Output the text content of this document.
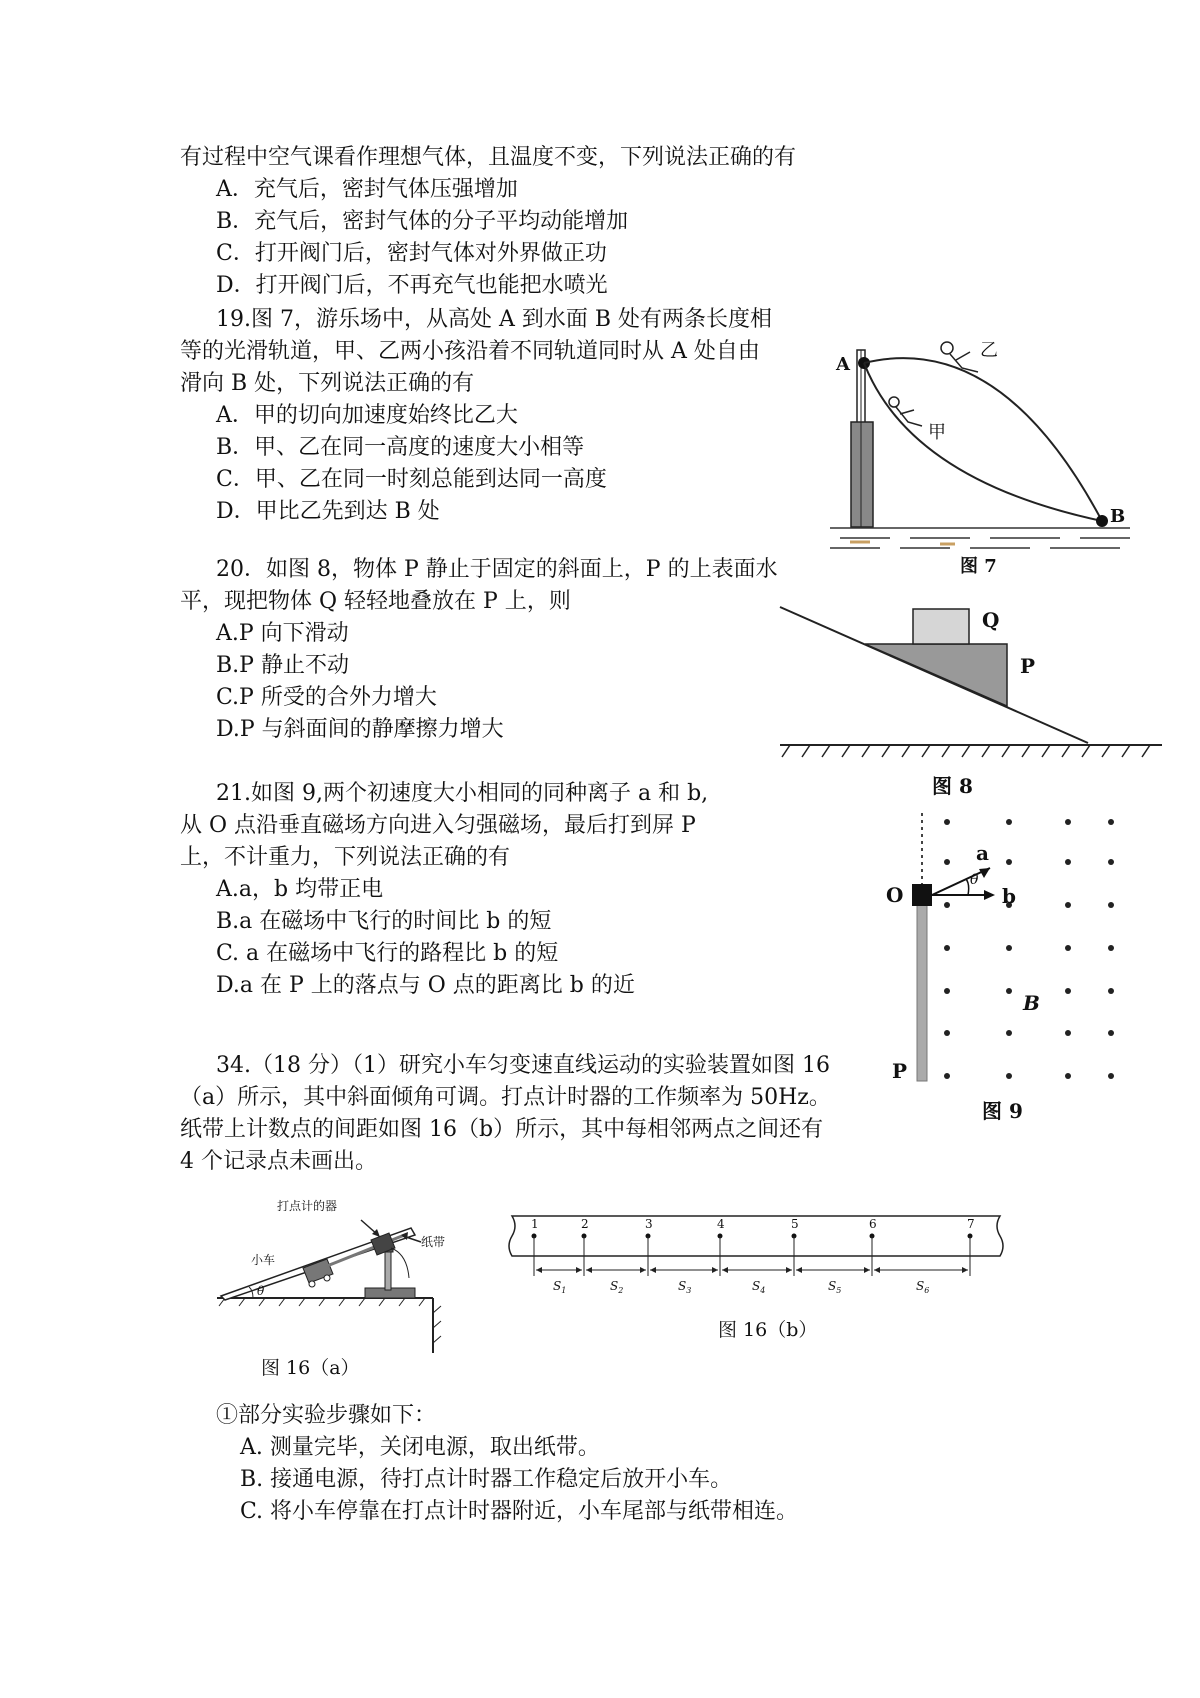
有过程中空气课看作理想气体，且温度不变，下列说法正确的有
A．充气后，密封气体压强增加
B．充气后，密封气体的分子平均动能增加
C．打开阀门后，密封气体对外界做正功
D．打开阀门后，不再充气也能把水喷光
19.图 7，游乐场中，从高处 A 到水面 B 处有两条长度相
等的光滑轨道，甲、乙两小孩沿着不同轨道同时从 A 处自由
滑向 B 处，下列说法正确的有
A．甲的切向加速度始终比乙大
B．甲、乙在同一高度的速度大小相等
C．甲、乙在同一时刻总能到达同一高度
D．甲比乙先到达 B 处
A
B
甲
乙
图 7
20．如图 8，物体 P 静止于固定的斜面上，P 的上表面水
平，现把物体 Q 轻轻地叠放在 P 上，则
A.P 向下滑动
B.P 静止不动
C.P 所受的合外力增大
D.P 与斜面间的静摩擦力增大
Q
P
图 8
21.如图 9,两个初速度大小相同的同种离子 a 和 b,
从 O 点沿垂直磁场方向进入匀强磁场，最后打到屏 P
上，不计重力，下列说法正确的有
A.a，b 均带正电
B.a 在磁场中飞行的时间比 b 的短
C. a 在磁场中飞行的路程比 b 的短
D.a 在 P 上的落点与 O 点的距离比 b 的近
O
a
b
θ
B
P
图 9
34.（18 分）（1）研究小车匀变速直线运动的实验装置如图 16
（a）所示，其中斜面倾角可调。打点计时器的工作频率为 50Hz。
纸带上计数点的间距如图 16（b）所示，其中每相邻两点之间还有
4 个记录点未画出。
打点计的器
小车
纸带
θ
图 16（a）
1	2	3	4	5	6	7
$S_1$	$S_2$	$S_3$	$S_4$	$S_5$	$S_6$
图 16（b）
①部分实验步骤如下：
A. 测量完毕，关闭电源，取出纸带。
B. 接通电源，待打点计时器工作稳定后放开小车。
C. 将小车停靠在打点计时器附近，小车尾部与纸带相连。
